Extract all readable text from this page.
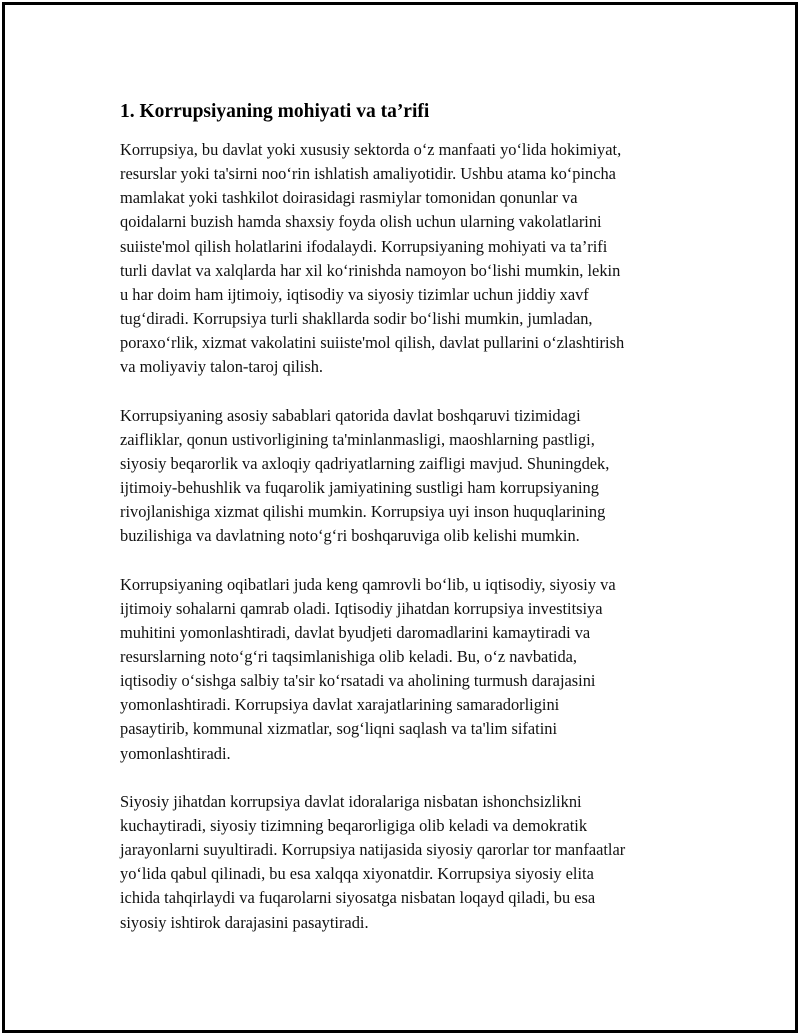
1. Korrupsiyaning mohiyati va ta’rifi

Korrupsiya, bu davlat yoki xususiy sektorda o‘z manfaati yo‘lida hokimiyat,
resurslar yoki ta'sirni noo‘rin ishlatish amaliyotidir. Ushbu atama ko‘pincha
mamlakat yoki tashkilot doirasidagi rasmiylar tomonidan qonunlar va
qoidalarni buzish hamda shaxsiy foyda olish uchun ularning vakolatlarini
suiiste'mol qilish holatlarini ifodalaydi. Korrupsiyaning mohiyati va ta’rifi
turli davlat va xalqlarda har xil ko‘rinishda namoyon bo‘lishi mumkin, lekin
u har doim ham ijtimoiy, iqtisodiy va siyosiy tizimlar uchun jiddiy xavf
tug‘diradi. Korrupsiya turli shakllarda sodir bo‘lishi mumkin, jumladan,
poraxo‘rlik, xizmat vakolatini suiiste'mol qilish, davlat pullarini o‘zlashtirish
va moliyaviy talon-taroj qilish.

Korrupsiyaning asosiy sabablari qatorida davlat boshqaruvi tizimidagi
zaifliklar, qonun ustivorligining ta'minlanmasligi, maoshlarning pastligi,
siyosiy beqarorlik va axloqiy qadriyatlarning zaifligi mavjud. Shuningdek,
ijtimoiy-behushlik va fuqarolik jamiyatining sustligi ham korrupsiyaning
rivojlanishiga xizmat qilishi mumkin. Korrupsiya uyi inson huquqlarining
buzilishiga va davlatning noto‘g‘ri boshqaruviga olib kelishi mumkin.

Korrupsiyaning oqibatlari juda keng qamrovli bo‘lib, u iqtisodiy, siyosiy va
ijtimoiy sohalarni qamrab oladi. Iqtisodiy jihatdan korrupsiya investitsiya
muhitini yomonlashtiradi, davlat byudjeti daromadlarini kamaytiradi va
resurslarning noto‘g‘ri taqsimlanishiga olib keladi. Bu, o‘z navbatida,
iqtisodiy o‘sishga salbiy ta'sir ko‘rsatadi va aholining turmush darajasini
yomonlashtiradi. Korrupsiya davlat xarajatlarining samaradorligini
pasaytirib, kommunal xizmatlar, sog‘liqni saqlash va ta'lim sifatini
yomonlashtiradi.

Siyosiy jihatdan korrupsiya davlat idoralariga nisbatan ishonchsizlikni
kuchaytiradi, siyosiy tizimning beqarorligiga olib keladi va demokratik
jarayonlarni suyultiradi. Korrupsiya natijasida siyosiy qarorlar tor manfaatlar
yo‘lida qabul qilinadi, bu esa xalqqa xiyonatdir. Korrupsiya siyosiy elita
ichida tahqirlaydi va fuqarolarni siyosatga nisbatan loqayd qiladi, bu esa
siyosiy ishtirok darajasini pasaytiradi.
